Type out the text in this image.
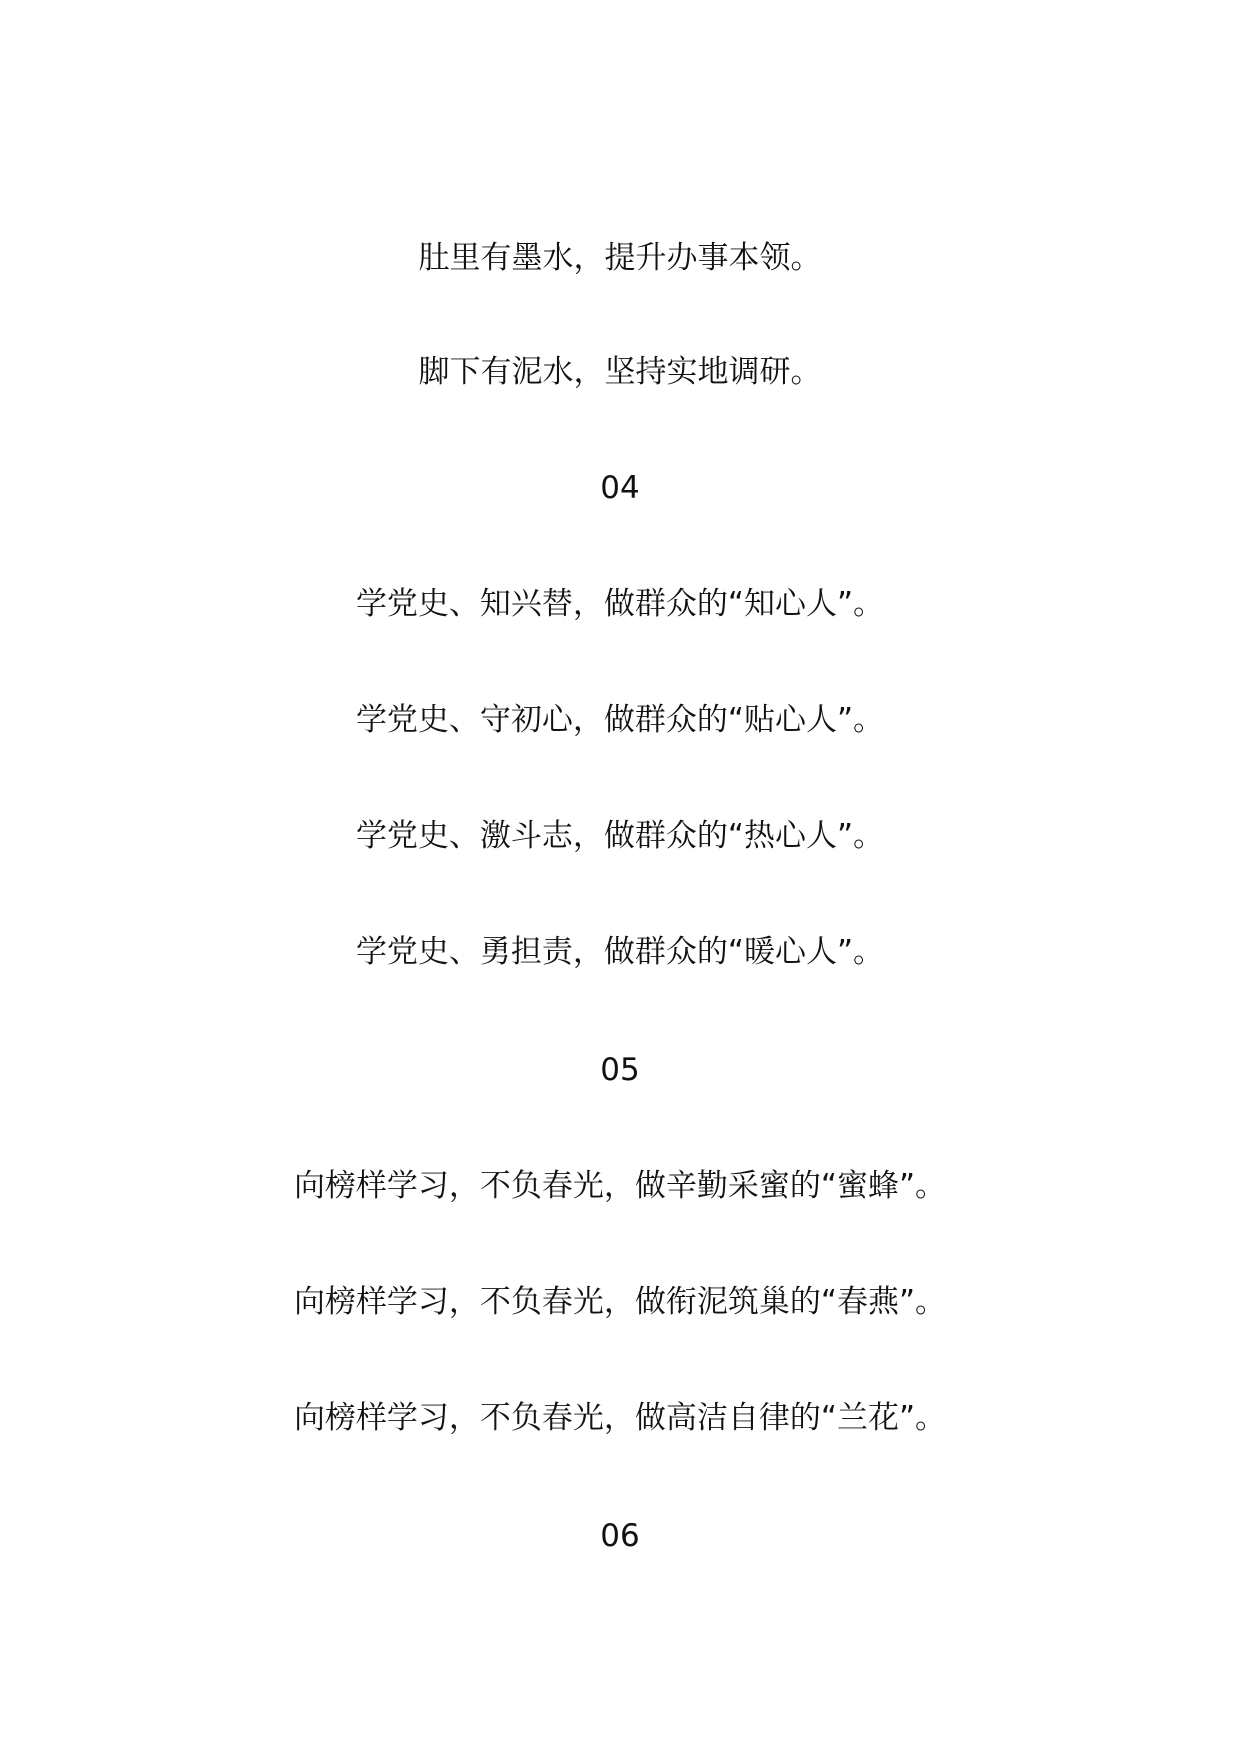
肚里有墨水，提升办事本领。
脚下有泥水，坚持实地调研。
04
学党史、知兴替，做群众的“知心人”。
学党史、守初心，做群众的“贴心人”。
学党史、激斗志，做群众的“热心人”。
学党史、勇担责，做群众的“暖心人”。
05
向榜样学习，不负春光，做辛勤采蜜的“蜜蜂”。
向榜样学习，不负春光，做衔泥筑巢的“春燕”。
向榜样学习，不负春光，做高洁自律的“兰花”。
06
